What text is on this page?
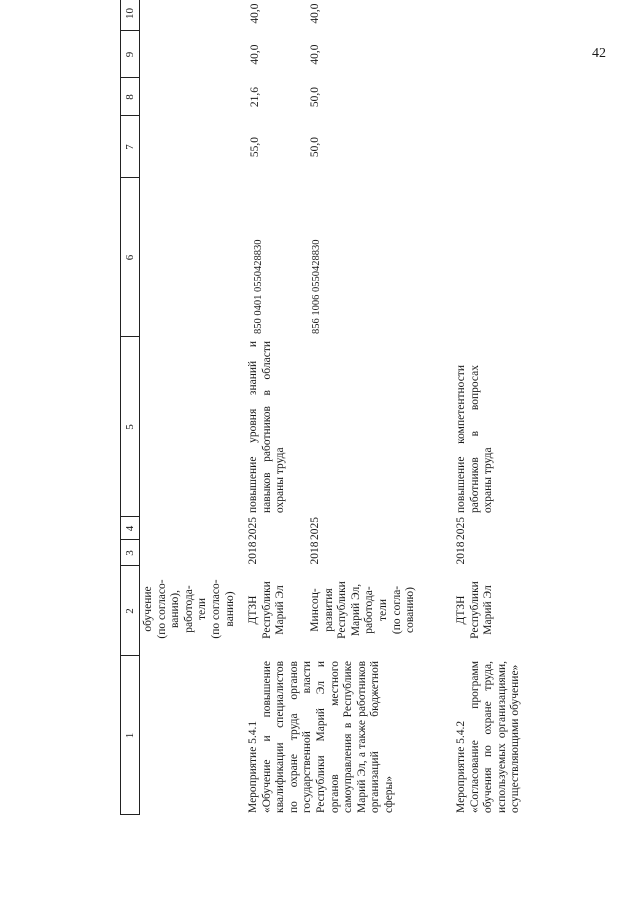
42
1
2
3
4
5
6
7
8
9
10
обучение
(по согласо-
ванию),
работода-
тели
(по согласо-
ванию)
Мероприятие 5.4.1
«Обучение и повышение квалификации специалистов по охране труда органов государственной власти Республики Марий Эл и органов местного самоуправления в Республике Марий Эл, а также работников организаций бюджетной сферы»
ДТЗН
Республики
Марий Эл Минсоц-
развития
Республики
Марий Эл,
работода-
тели
(по согла-
сованию)
2018
2025
2018
2025
повышение уровня знаний и навыков работников в области охраны труда
850 0401 0550428830	856 1006 0550428830
55,0
21,6
40,0
40,0
50,0
50,0
40,0
40,0
Мероприятие 5.4.2
«Согласование программ обучения по охране труда, используемых организациями, осуществляющими обучение»
ДТЗН
Республики
Марий Эл
2018
2025
повышение компетентности работников в вопросах охраны труда
